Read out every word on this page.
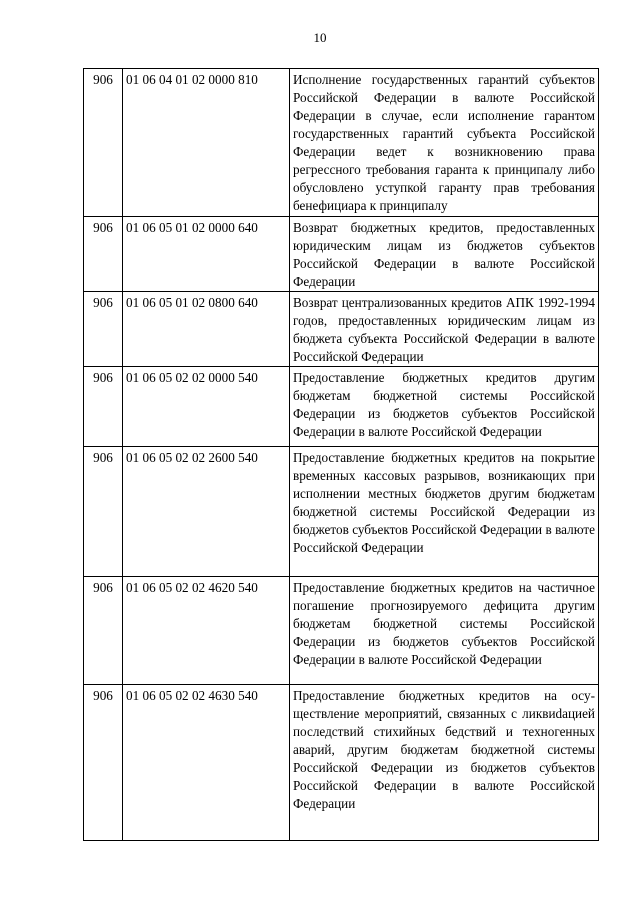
10
906	01 06 04 01 02 0000 810	Исполнение государственных гарантий субъектов Российской Федерации в валюте Российской Федерации в случае, если исполнение гарантом государственных гарантий субъекта Российской Федерации ведет к возникновению права регрессного требования гаранта к принципалу либо обусловлено уступкой гаранту прав требования бенефициара к принципалу
906	01 06 05 01 02 0000 640	Возврат бюджетных кредитов, предоставленных юридическим лицам из бюджетов субъектов Российской Федерации в валюте Российской Федерации
906	01 06 05 01 02 0800 640	Возврат централизованных кредитов АПК 1992-1994 годов, предоставленных юридическим лицам из бюджета субъекта Российской Федерации в валюте Российской Федерации
906	01 06 05 02 02 0000 540	Предоставление бюджетных кредитов другим бюджетам бюджетной системы Российской Федерации из бюджетов субъектов Российской Федерации в валюте Российской Федерации
906	01 06 05 02 02 2600 540	Предоставление бюджетных кредитов на покрытие временных кассовых разрывов, возникающих при исполнении местных бюджетов другим бюджетам бюджетной системы Российской Федерации из бюджетов субъектов Российской Федерации в валюте Российской Федерации
906	01 06 05 02 02 4620 540	Предоставление бюджетных кредитов на частичное погашение прогнозируемого дефицита другим бюджетам бюджетной системы Российской Федерации из бюджетов субъектов Российской Федерации в валюте Российской Федерации
906	01 06 05 02 02 4630 540	Предоставление бюджетных кредитов на осуществление мероприятий, связанных с ликвиdацией последствий стихийных бедствий и техногенных аварий, другим бюджетам бюджетной системы Российской Федерации из бюджетов субъектов Российской Федерации в валюте Российской Федерации
